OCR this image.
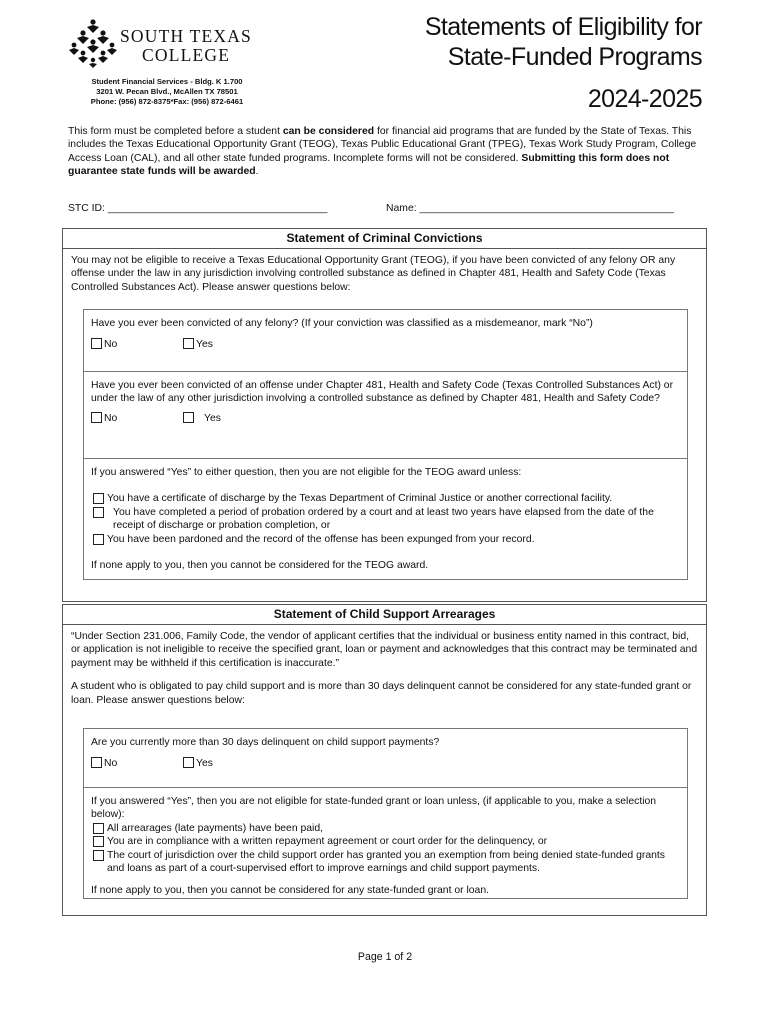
SOUTH TEXAS
COLLEGE
Student Financial Services - Bldg. K 1.700
3201 W. Pecan Blvd., McAllen TX 78501
Phone: (956) 872-8375*Fax: (956) 872-6461
Statements of Eligibility for
State-Funded Programs
2024-2025
This form must be completed before a student can be considered for financial aid programs that are funded by the State of Texas. This includes the Texas Educational Opportunity Grant (TEOG), Texas Public Educational Grant (TPEG), Texas Work Study Program, College Access Loan (CAL), and all other state funded programs. Incomplete forms will not be considered. Submitting this form does not guarantee state funds will be awarded.
STC ID: ______________________________________	Name: ____________________________________________
Statement of Criminal Convictions
You may not be eligible to receive a Texas Educational Opportunity Grant (TEOG), if you have been convicted of any felony OR any offense under the law in any jurisdiction involving controlled substance as defined in Chapter 481, Health and Safety Code (Texas Controlled Substances Act). Please answer questions below:
Have you ever been convicted of any felony? (If your conviction was classified as a misdemeanor, mark “No”)
No	Yes
Have you ever been convicted of an offense under Chapter 481, Health and Safety Code (Texas Controlled Substances Act) or under the law of any other jurisdiction involving a controlled substance as defined by Chapter 481, Health and Safety Code?
No	Yes
If you answered “Yes” to either question, then you are not eligible for the TEOG award unless:
You have a certificate of discharge by the Texas Department of Criminal Justice or another correctional facility.
You have completed a period of probation ordered by a court and at least two years have elapsed from the date of the receipt of discharge or probation completion, or
You have been pardoned and the record of the offense has been expunged from your record.
If none apply to you, then you cannot be considered for the TEOG award.
Statement of Child Support Arrearages
“Under Section 231.006, Family Code, the vendor of applicant certifies that the individual or business entity named in this contract, bid, or application is not ineligible to receive the specified grant, loan or payment and acknowledges that this contract may be terminated and payment may be withheld if this certification is inaccurate.”
A student who is obligated to pay child support and is more than 30 days delinquent cannot be considered for any state-funded grant or loan. Please answer questions below:
Are you currently more than 30 days delinquent on child support payments?
No	Yes
If you answered “Yes”, then you are not eligible for state-funded grant or loan unless, (if applicable to you, make a selection below):
All arrearages (late payments) have been paid,
You are in compliance with a written repayment agreement or court order for the delinquency, or
The court of jurisdiction over the child support order has granted you an exemption from being denied state-funded grants and loans as part of a court-supervised effort to improve earnings and child support payments.
If none apply to you, then you cannot be considered for any state-funded grant or loan.
Page 1 of 2
